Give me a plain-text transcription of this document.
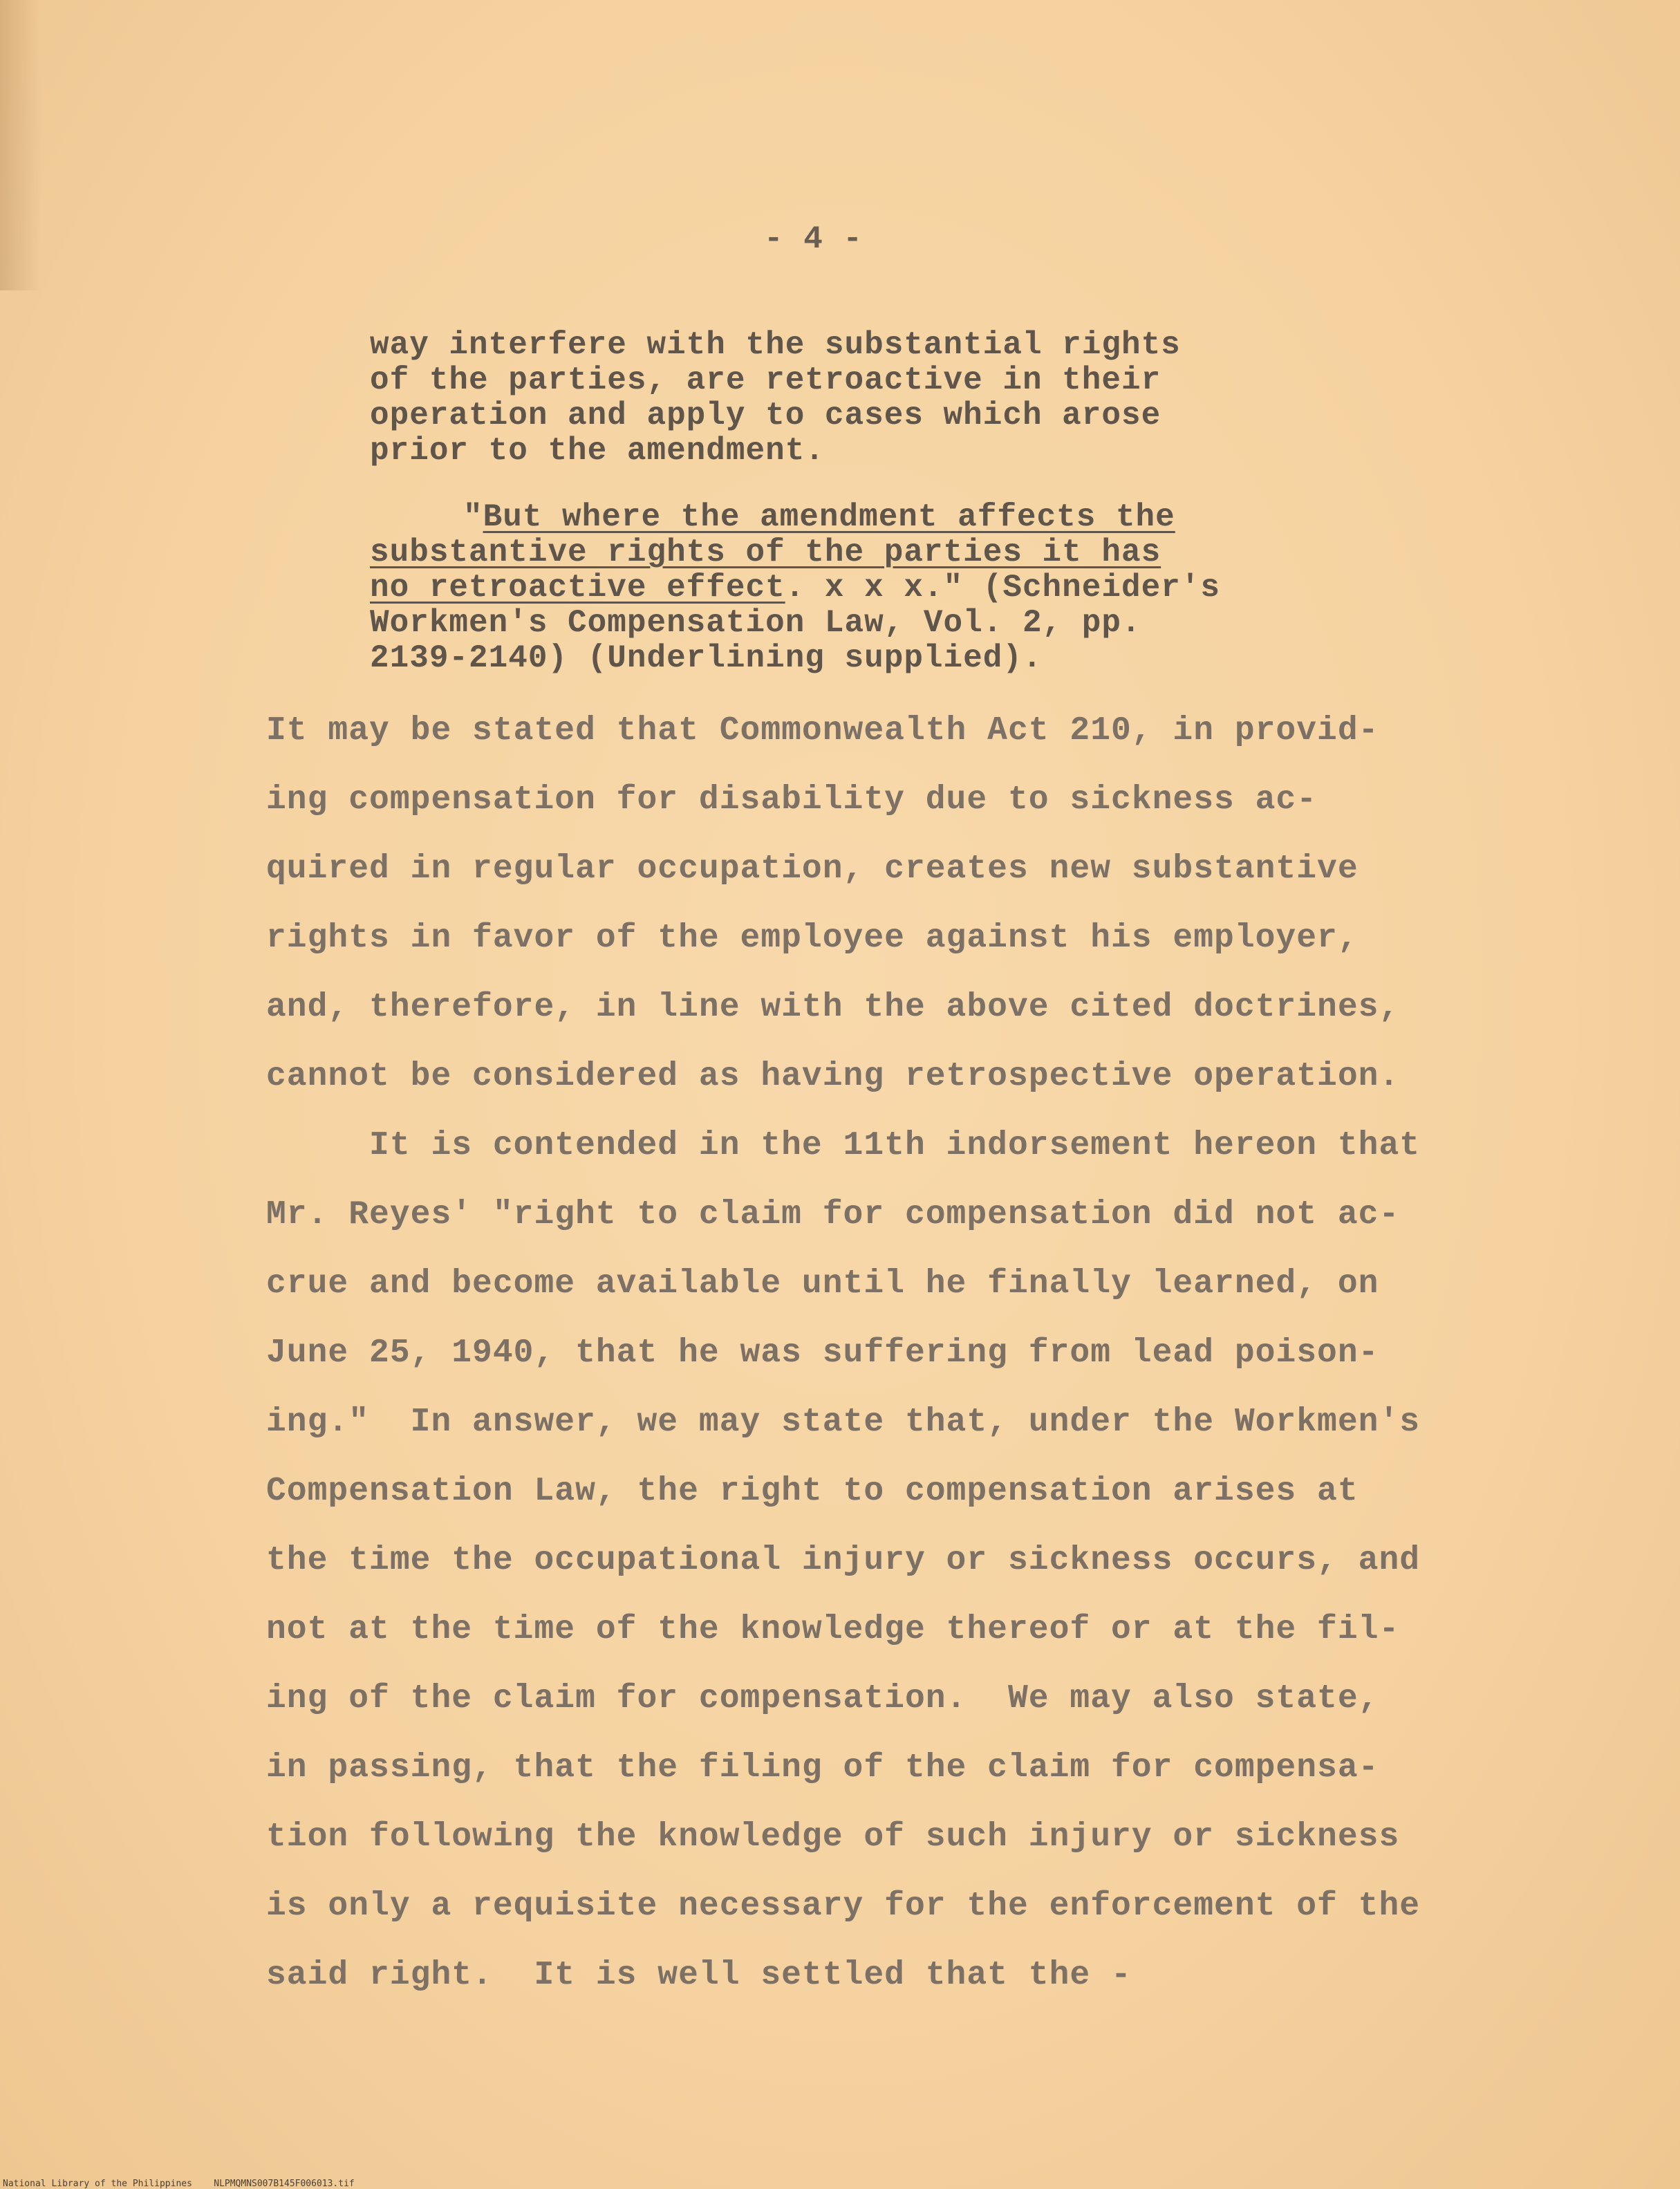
- 4 -
way interfere with the substantial rights
of the parties, are retroactive in their
operation and apply to cases which arose
prior to the amendment.
"But where the amendment affects the
substantive rights of the parties it has
no retroactive effect. x x x." (Schneider's
Workmen's Compensation Law, Vol. 2, pp.
2139-2140) (Underlining supplied).
It may be stated that Commonwealth Act 210, in provid-
ing compensation for disability due to sickness ac-
quired in regular occupation, creates new substantive
rights in favor of the employee against his employer,
and, therefore, in line with the above cited doctrines,
cannot be considered as having retrospective operation.
It is contended in the 11th indorsement hereon that
Mr. Reyes' "right to claim for compensation did not ac-
crue and become available until he finally learned, on
June 25, 1940, that he was suffering from lead poison-
ing."  In answer, we may state that, under the Workmen's
Compensation Law, the right to compensation arises at
the time the occupational injury or sickness occurs, and
not at the time of the knowledge thereof or at the fil-
ing of the claim for compensation.  We may also state,
in passing, that the filing of the claim for compensa-
tion following the knowledge of such injury or sickness
is only a requisite necessary for the enforcement of the
said right.  It is well settled that the -
National Library of the Philippines    NLPMQMNS007B145F006013.tif
